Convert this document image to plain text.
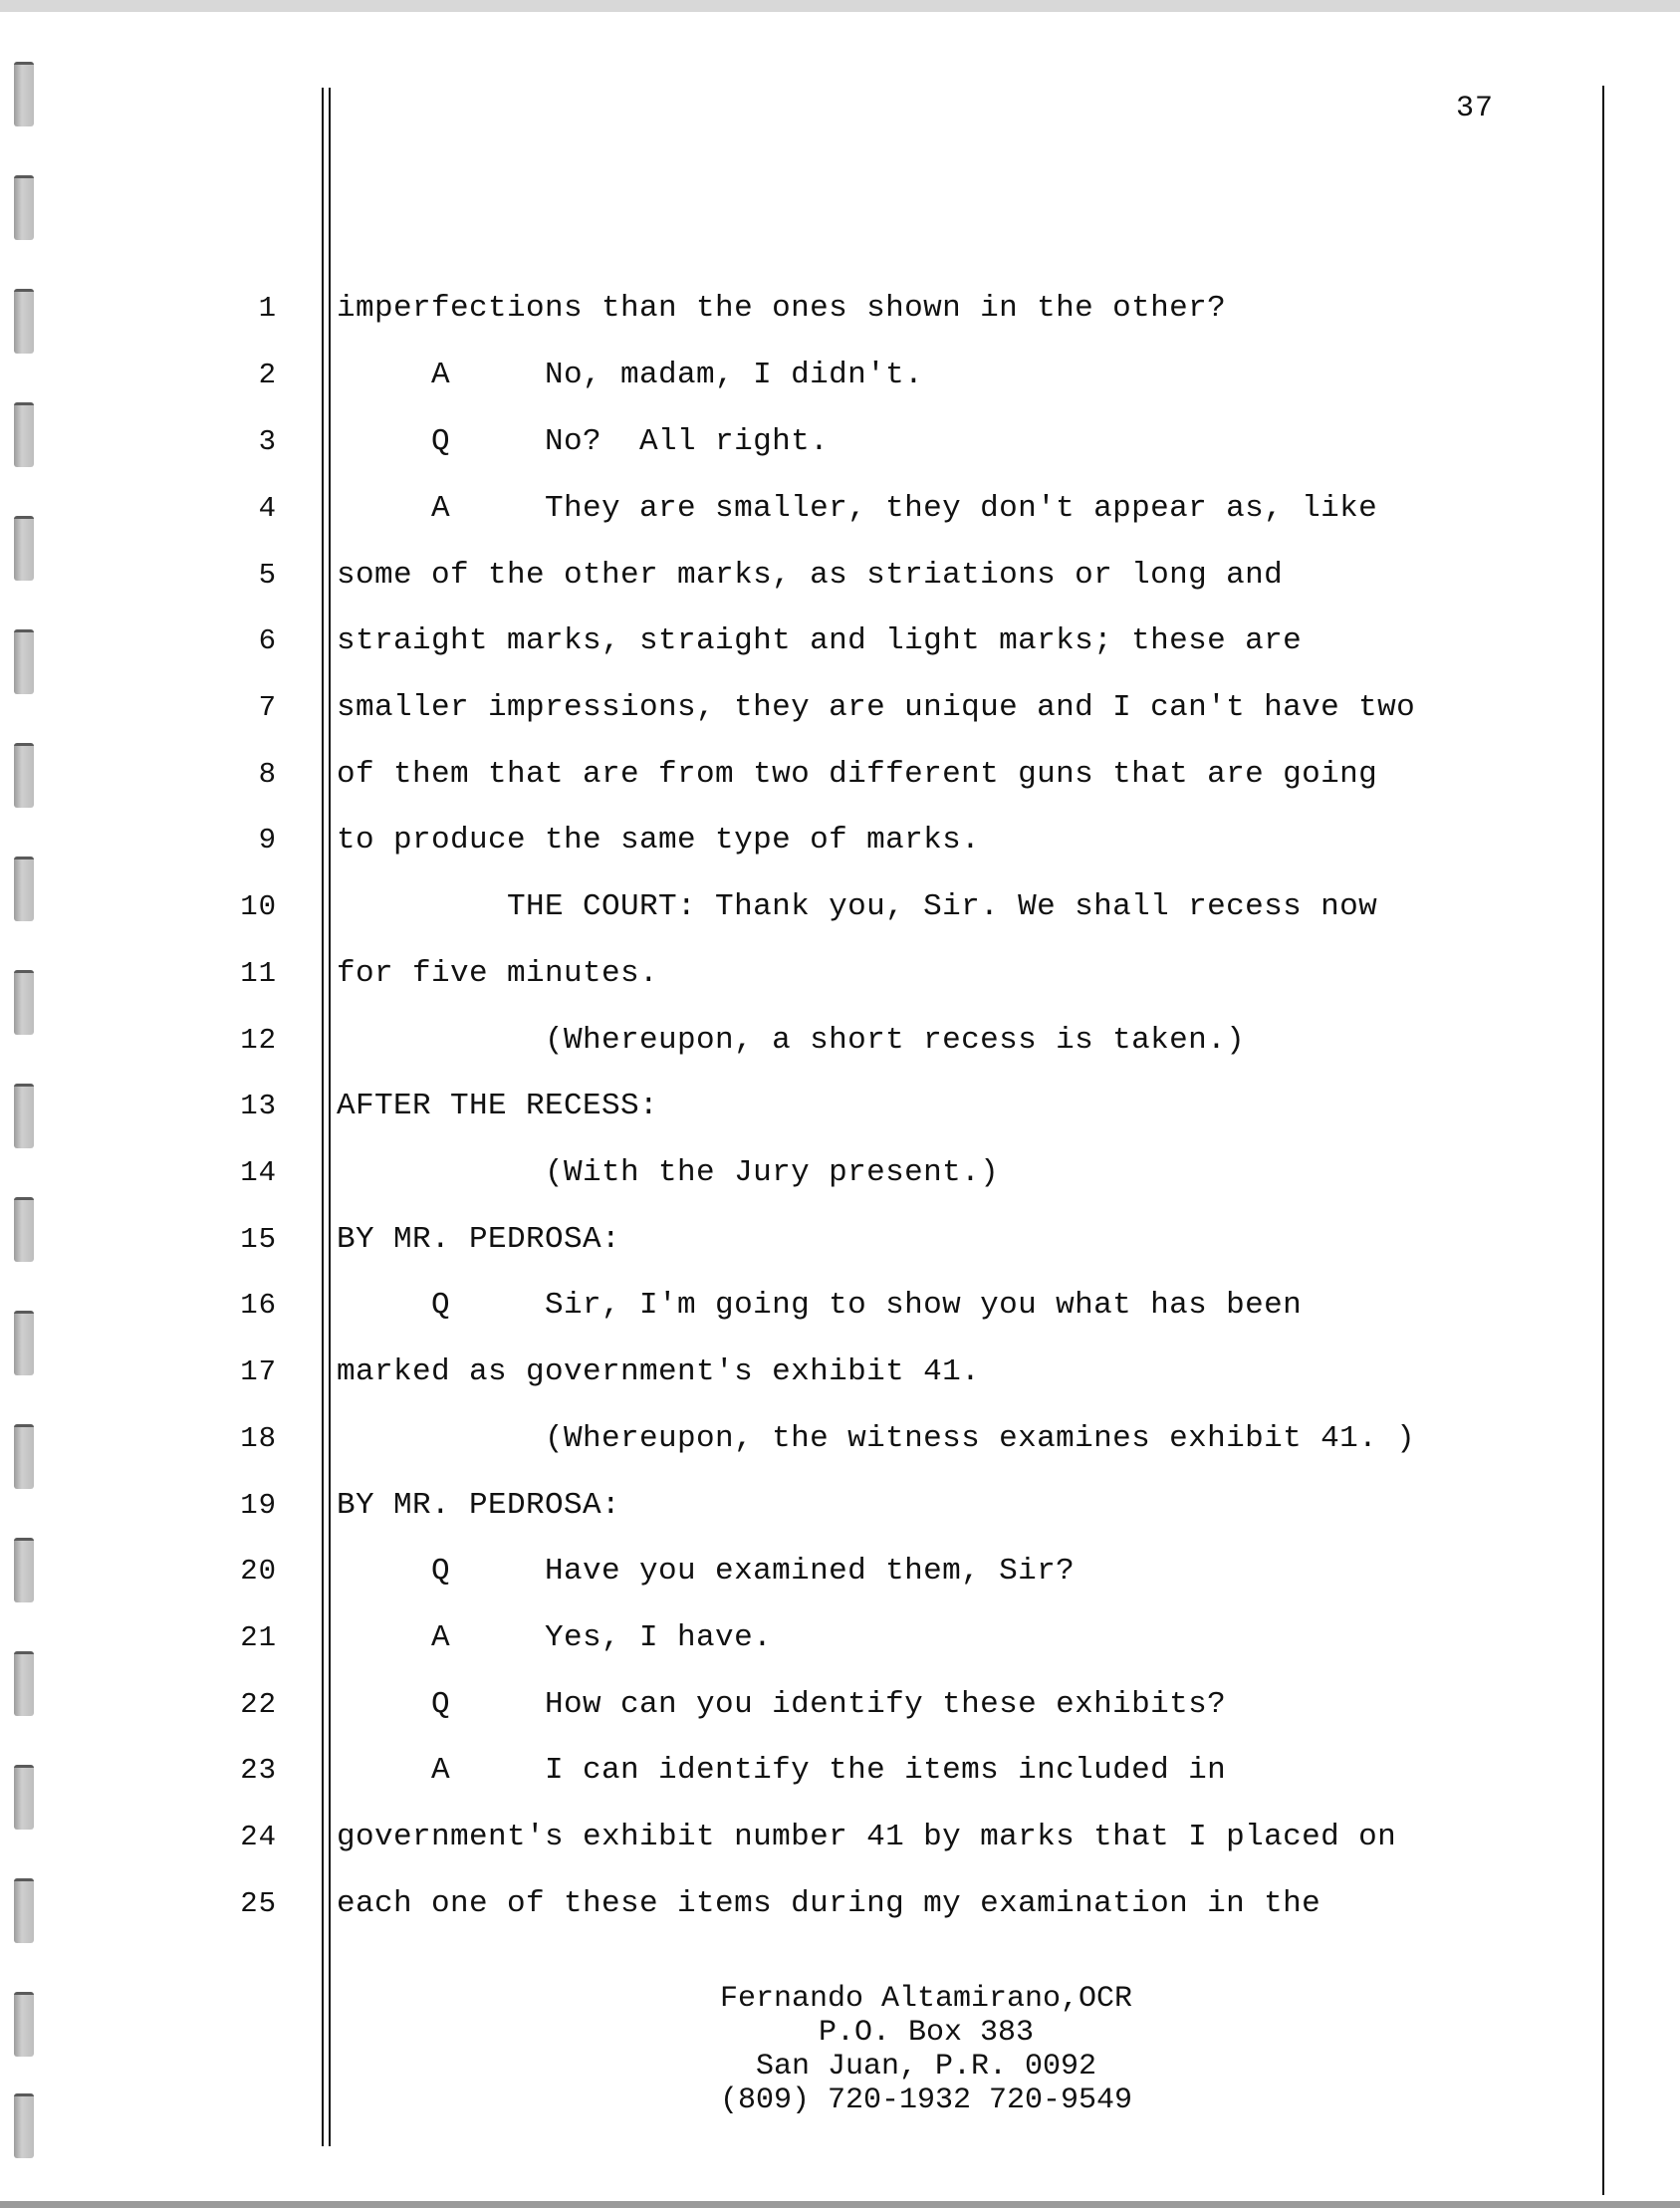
37
1 imperfections than the ones shown in the other?
2 A     No, madam, I didn't.
3 Q     No?  All right.
4 A     They are smaller, they don't appear as, like
5 some of the other marks, as striations or long and
6 straight marks, straight and light marks; these are
7 smaller impressions, they are unique and I can't have two
8 of them that are from two different guns that are going
9 to produce the same type of marks.
10 THE COURT: Thank you, Sir. We shall recess now
11 for five minutes.
12 (Whereupon, a short recess is taken.)
13 AFTER THE RECESS:
14 (With the Jury present.)
15 BY MR. PEDROSA:
16 Q     Sir, I'm going to show you what has been
17 marked as government's exhibit 41.
18 (Whereupon, the witness examines exhibit 41. )
19 BY MR. PEDROSA:
20 Q     Have you examined them, Sir?
21 A     Yes, I have.
22 Q     How can you identify these exhibits?
23 A     I can identify the items included in
24 government's exhibit number 41 by marks that I placed on
25 each one of these items during my examination in the
Fernando Altamirano,OCR
P.O. Box 383
San Juan, P.R. 0092
(809) 720-1932 720-9549
